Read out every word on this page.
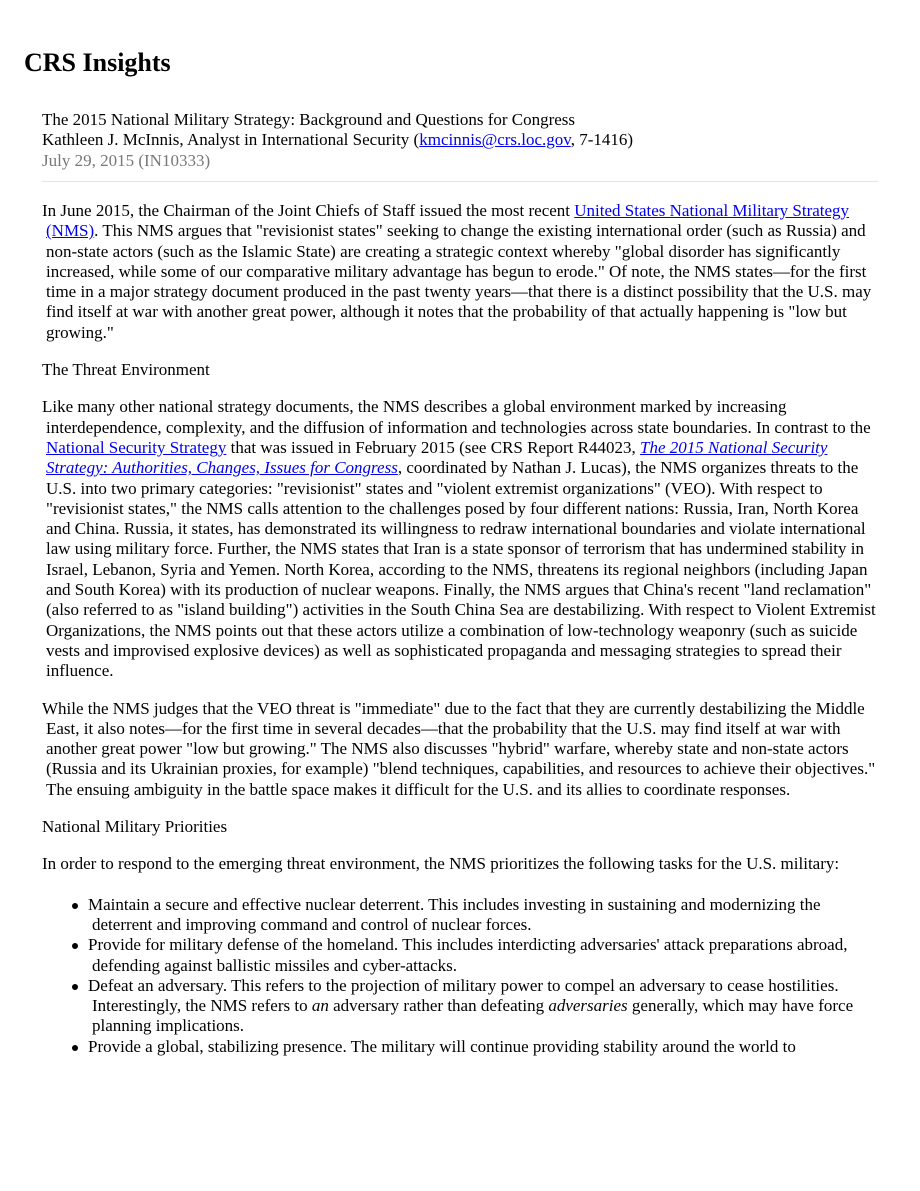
CRS Insights
The 2015 National Military Strategy: Background and Questions for Congress
Kathleen J. McInnis, Analyst in International Security (kmcinnis@crs.loc.gov, 7-1416)
July 29, 2015 (IN10333)

In June 2015, the Chairman of the Joint Chiefs of Staff issued the most recent United States National Military Strategy (NMS). This NMS argues that "revisionist states" seeking to change the existing international order (such as Russia) and non-state actors (such as the Islamic State) are creating a strategic context whereby "global disorder has significantly increased, while some of our comparative military advantage has begun to erode." Of note, the NMS states—for the first time in a major strategy document produced in the past twenty years—that there is a distinct possibility that the U.S. may find itself at war with another great power, although it notes that the probability of that actually happening is "low but growing."

The Threat Environment

Like many other national strategy documents, the NMS describes a global environment marked by increasing interdependence, complexity, and the diffusion of information and technologies across state boundaries. In contrast to the National Security Strategy that was issued in February 2015 (see CRS Report R44023, The 2015 National Security Strategy: Authorities, Changes, Issues for Congress, coordinated by Nathan J. Lucas), the NMS organizes threats to the U.S. into two primary categories: "revisionist" states and "violent extremist organizations" (VEO). With respect to "revisionist states," the NMS calls attention to the challenges posed by four different nations: Russia, Iran, North Korea and China. Russia, it states, has demonstrated its willingness to redraw international boundaries and violate international law using military force. Further, the NMS states that Iran is a state sponsor of terrorism that has undermined stability in Israel, Lebanon, Syria and Yemen. North Korea, according to the NMS, threatens its regional neighbors (including Japan and South Korea) with its production of nuclear weapons. Finally, the NMS argues that China's recent "land reclamation" (also referred to as "island building") activities in the South China Sea are destabilizing. With respect to Violent Extremist Organizations, the NMS points out that these actors utilize a combination of low-technology weaponry (such as suicide vests and improvised explosive devices) as well as sophisticated propaganda and messaging strategies to spread their influence.

While the NMS judges that the VEO threat is "immediate" due to the fact that they are currently destabilizing the Middle East, it also notes—for the first time in several decades—that the probability that the U.S. may find itself at war with another great power "low but growing." The NMS also discusses "hybrid" warfare, whereby state and non-state actors (Russia and its Ukrainian proxies, for example) "blend techniques, capabilities, and resources to achieve their objectives." The ensuing ambiguity in the battle space makes it difficult for the U.S. and its allies to coordinate responses.

National Military Priorities

In order to respond to the emerging threat environment, the NMS prioritizes the following tasks for the U.S. military:

Maintain a secure and effective nuclear deterrent. This includes investing in sustaining and modernizing the deterrent and improving command and control of nuclear forces.
Provide for military defense of the homeland. This includes interdicting adversaries' attack preparations abroad, defending against ballistic missiles and cyber-attacks.
Defeat an adversary. This refers to the projection of military power to compel an adversary to cease hostilities. Interestingly, the NMS refers to an adversary rather than defeating adversaries generally, which may have force planning implications.
Provide a global, stabilizing presence. The military will continue providing stability around the world to
